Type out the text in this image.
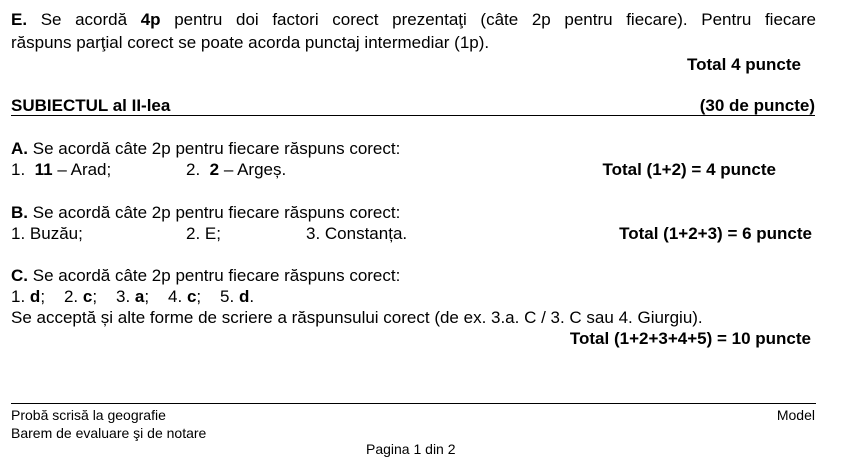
E. Se acordă 4p pentru doi factori corect prezentaţi (câte 2p pentru fiecare). Pentru fiecare
răspuns parţial corect se poate acorda punctaj intermediar (1p).
Total 4 puncte
SUBIECTUL al II-lea	(30 de puncte)
A. Se acordă câte 2p pentru fiecare răspuns corect:
1. 11 – Arad;	2. 2 – Argeș.	Total (1+2) = 4 puncte
B. Se acordă câte 2p pentru fiecare răspuns corect:
1. Buzău;	2. E;	3. Constanța.	Total (1+2+3) = 6 puncte
C. Se acordă câte 2p pentru fiecare răspuns corect:
1. d; 2. c; 3. a; 4. c; 5. d.
Se acceptă și alte forme de scriere a răspunsului corect (de ex. 3.a. C / 3. C sau 4. Giurgiu).
Total (1+2+3+4+5) = 10 puncte
Probă scrisă la geografie
Barem de evaluare şi de notare
Model
Pagina 1 din 2
